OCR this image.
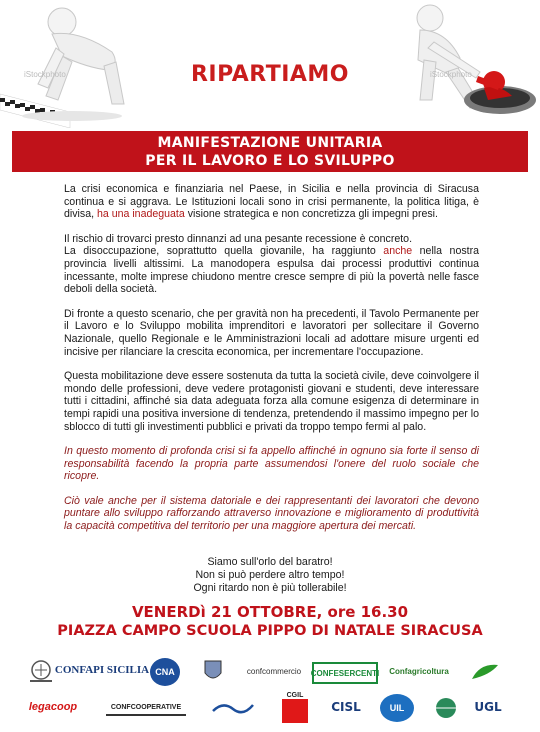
iStockphoto	iStockphoto
RIPARTIAMO
MANIFESTAZIONE UNITARIA
PER IL LAVORO E LO SVILUPPO

La crisi economica e finanziaria nel Paese, in Sicilia e nella provincia di Siracusa continua e si aggrava. Le Istituzioni locali sono in crisi permanente, la politica litiga, è divisa, ha una inadeguata visione strategica e non concretizza gli impegni presi.

Il rischio di trovarci presto dinnanzi ad una pesante recessione è concreto.
La disoccupazione, soprattutto quella giovanile, ha raggiunto anche nella nostra provincia livelli altissimi. La manodopera espulsa dai processi produttivi continua incessante, molte imprese chiudono mentre cresce sempre di più la povertà nelle fasce deboli della società.

Di fronte a questo scenario, che per gravità non ha precedenti, il Tavolo Permanente per il Lavoro e lo Sviluppo mobilita imprenditori e lavoratori per sollecitare il Governo Nazionale, quello Regionale e le Amministrazioni locali ad adottare misure urgenti ed incisive per rilanciare la crescita economica, per incrementare l'occupazione.

Questa mobilitazione deve essere sostenuta da tutta la società civile, deve coinvolgere il mondo delle professioni, deve vedere protagonisti giovani e studenti, deve interessare tutti i cittadini, affinché sia data adeguata forza alla comune esigenza di determinare in tempi rapidi una positiva inversione di tendenza, pretendendo il massimo impegno per lo sblocco di tutti gli investimenti pubblici e privati da troppo tempo fermi al palo.

In questo momento di profonda crisi si fa appello affinché in ognuno sia forte il senso di responsabilità facendo la propria parte assumendosi l'onere del ruolo sociale che ricopre.

Ciò vale anche per il sistema datoriale e dei rappresentanti dei lavoratori che devono puntare allo sviluppo rafforzando attraverso innovazione e miglioramento di produttività la capacità competitiva del territorio per una maggiore apertura dei mercati.

Siamo sull'orlo del baratro!
Non si può perdere altro tempo!
Ogni ritardo non è più tollerabile!
VENERDì 21 OTTOBRE, ore 16.30
PIAZZA CAMPO SCUOLA PIPPO DI NATALE SIRACUSA
CONFAPI SICILIA CNA	confcommercio	CONFESERCENTI	Confagricoltura
legacoop	CONFCOOPERATIVE
CGIL
CISL	UIL	UGL
